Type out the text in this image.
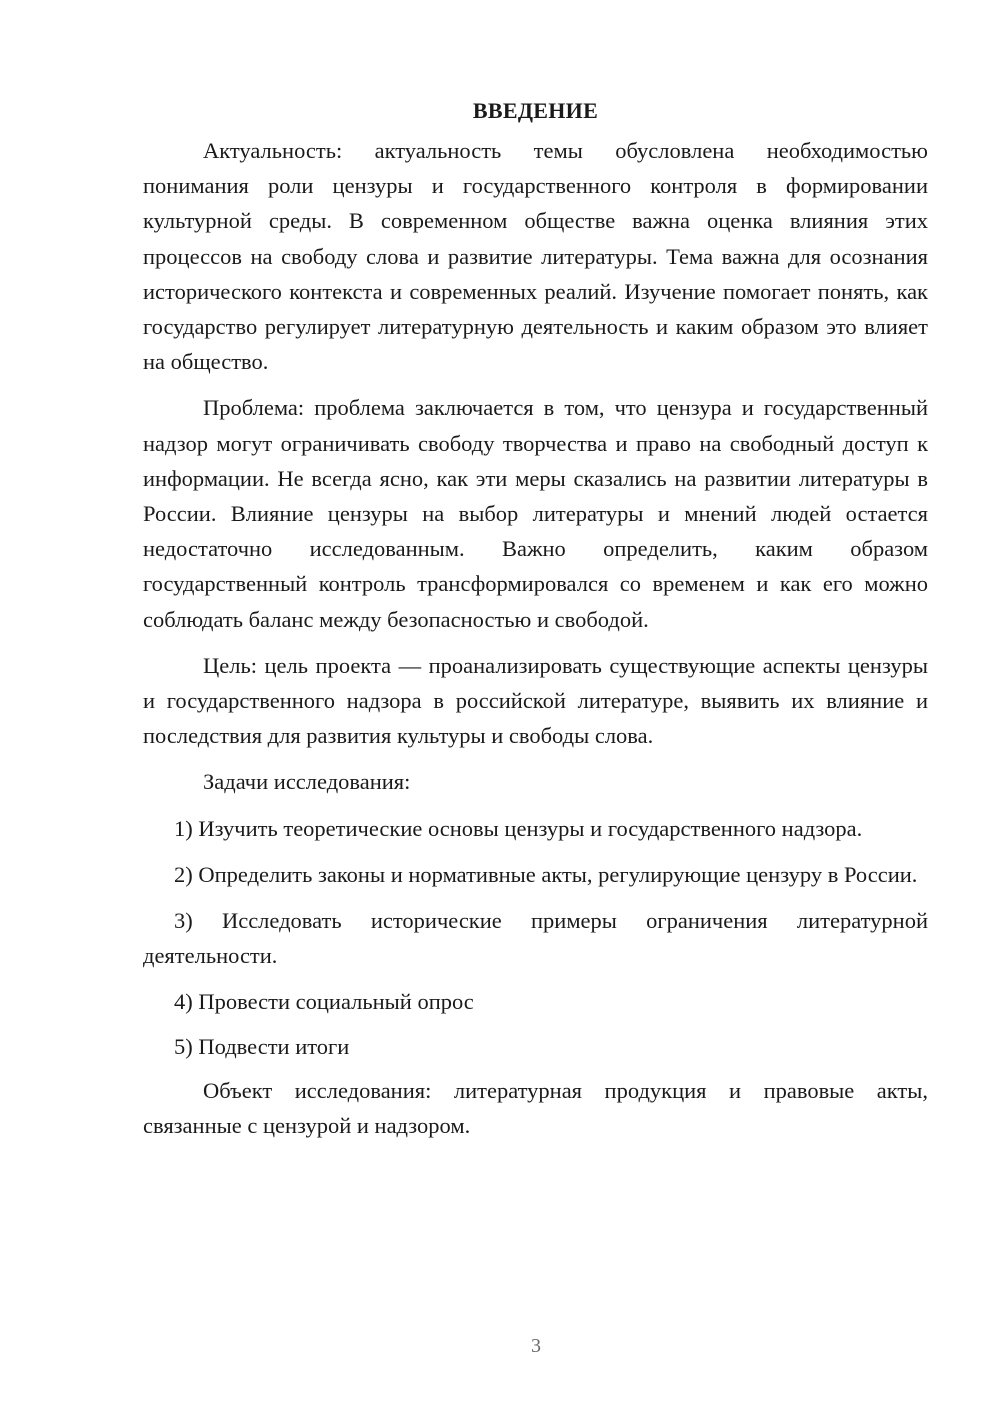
ВВЕДЕНИЕ

Актуальность: актуальность темы обусловлена необходимостью понимания роли цензуры и государственного контроля в формировании культурной среды. В современном обществе важна оценка влияния этих процессов на свободу слова и развитие литературы. Тема важна для осознания исторического контекста и современных реалий. Изучение помогает понять, как государство регулирует литературную деятельность и каким образом это влияет на общество.

Проблема: проблема заключается в том, что цензура и государственный надзор могут ограничивать свободу творчества и право на свободный доступ к информации. Не всегда ясно, как эти меры сказались на развитии литературы в России. Влияние цензуры на выбор литературы и мнений людей остается недостаточно исследованным. Важно определить, каким образом государственный контроль трансформировался со временем и как его можно соблюдать баланс между безопасностью и свободой.

Цель: цель проекта — проанализировать существующие аспекты цензуры и государственного надзора в российской литературе, выявить их влияние и последствия для развития культуры и свободы слова.

Задачи исследования:

1) Изучить теоретические основы цензуры и государственного надзора.

2) Определить законы и нормативные акты, регулирующие цензуру в России.

3) Исследовать исторические примеры ограничения литературной деятельности.

4) Провести социальный опрос

5) Подвести итоги

Объект исследования: литературная продукция и правовые акты, связанные с цензурой и надзором.

3
